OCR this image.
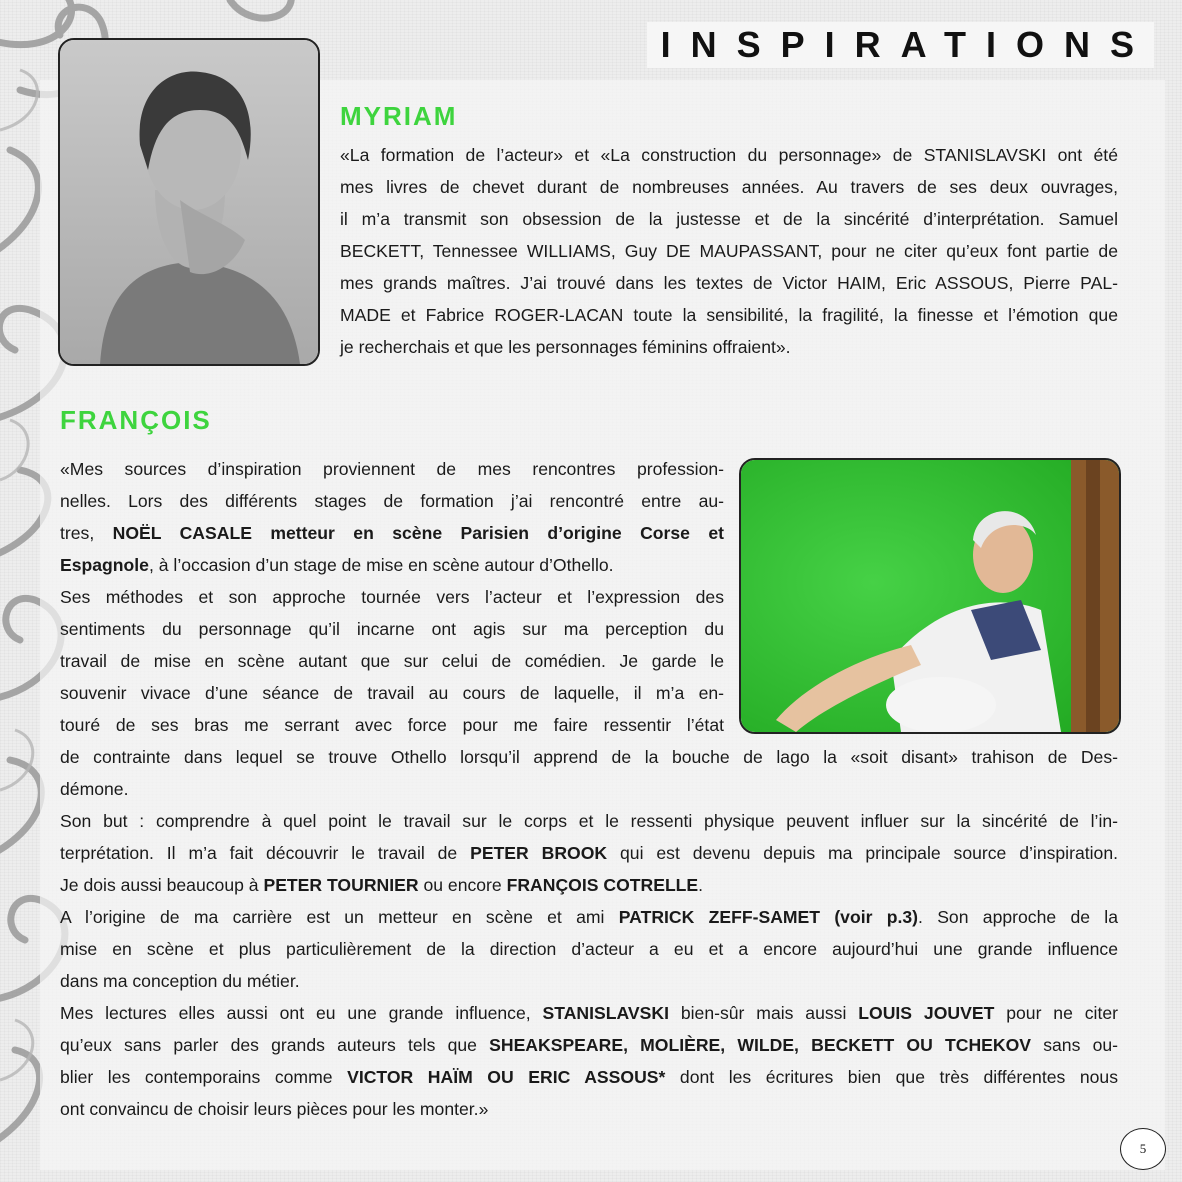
INSPIRATIONS
MYRIAM
«La formation de l’acteur» et «La construction du personnage» de STANISLAVSKI ont été
mes livres de chevet durant de nombreuses années. Au travers de ses deux ouvrages,
il m’a transmit son obsession de la justesse et de la sincérité d’interprétation. Samuel
BECKETT, Tennessee WILLIAMS, Guy DE MAUPASSANT, pour ne citer qu’eux font partie de
mes grands maîtres. J’ai trouvé dans les textes de Victor HAIM, Eric ASSOUS, Pierre PAL-
MADE et Fabrice ROGER-LACAN toute la sensibilité, la fragilité, la finesse et l’émotion que
je recherchais et que les personnages féminins offraient».
FRANÇOIS
«Mes sources d’inspiration proviennent de mes rencontres profession-
nelles. Lors des différents stages de formation j’ai rencontré entre au-
tres, NOËL CASALE metteur en scène Parisien d’origine Corse et
Espagnole, à l’occasion d’un stage de mise en scène autour d’Othello.
Ses méthodes et son approche tournée vers l’acteur et l’expression des
sentiments du personnage qu’il incarne ont agis sur ma perception du
travail de mise en scène autant que sur celui de comédien. Je garde le
souvenir vivace d’une séance de travail au cours de laquelle, il m’a en-
touré de ses bras me serrant avec force pour me faire ressentir l’état
de contrainte dans lequel se trouve Othello lorsqu’il apprend de la bouche de lago la «soit disant» trahison de Des-
démone.
Son but : comprendre à quel point le travail sur le corps et le ressenti physique peuvent influer sur la sincérité de l’in-
terprétation. Il m’a fait découvrir le travail de PETER BROOK qui est devenu depuis ma principale source d’inspiration.
Je dois aussi beaucoup à PETER TOURNIER ou encore FRANÇOIS COTRELLE.
A l’origine de ma carrière est un metteur en scène et ami PATRICK ZEFF-SAMET (voir p.3). Son approche de la
mise en scène et plus particulièrement de la direction d’acteur a eu et a encore aujourd’hui une grande influence
dans ma conception du métier.
Mes lectures elles aussi ont eu une grande influence, STANISLAVSKI bien-sûr mais aussi LOUIS JOUVET pour ne citer
qu’eux sans parler des grands auteurs tels que SHEAKSPEARE, MOLIÈRE, WILDE, BECKETT OU TCHEKOV sans ou-
blier les contemporains comme VICTOR HAÏM OU ERIC ASSOUS* dont les écritures bien que très différentes nous
ont convaincu de choisir leurs pièces pour les monter.»
5
